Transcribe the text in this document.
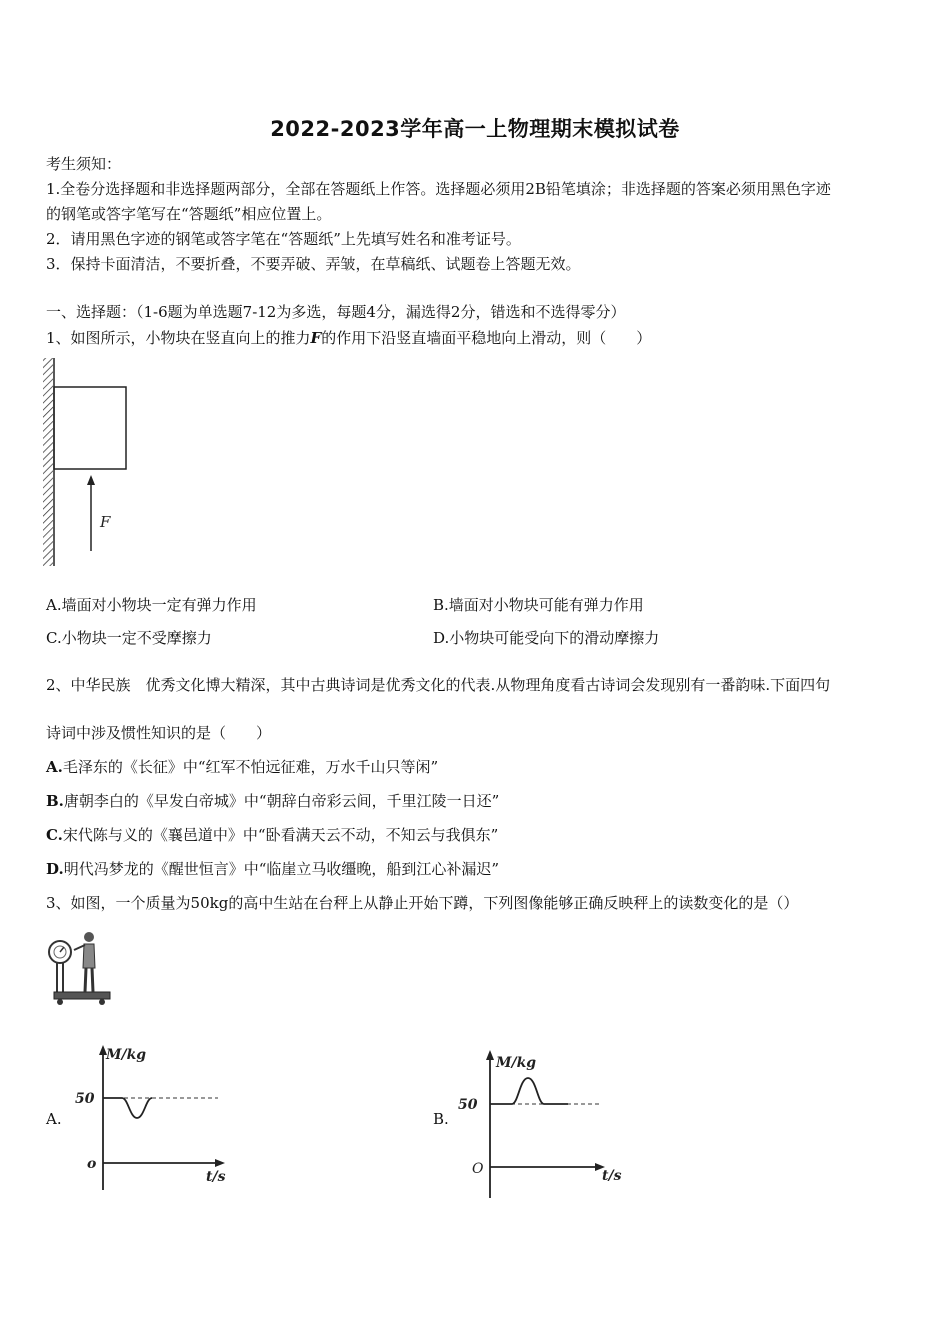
2022-2023学年高一上物理期末模拟试卷
考生须知：
1.全卷分选择题和非选择题两部分，全部在答题纸上作答。选择题必须用2B铅笔填涂；非选择题的答案必须用黑色字迹
的钢笔或答字笔写在“答题纸”相应位置上。
2．请用黑色字迹的钢笔或答字笔在“答题纸”上先填写姓名和准考证号。
3．保持卡面清洁，不要折叠，不要弄破、弄皱，在草稿纸、试题卷上答题无效。
一、选择题：（1-6题为单选题7-12为多选，每题4分，漏选得2分，错选和不选得零分）
1、如图所示，小物块在竖直向上的推力F的作用下沿竖直墙面平稳地向上滑动，则（　　）
F
A.墙面对小物块一定有弹力作用	B.墙面对小物块可能有弹力作用
C.小物块一定不受摩擦力	D.小物块可能受向下的滑动摩擦力
2、中华民族　优秀文化博大精深，其中古典诗词是优秀文化的代表.从物理角度看古诗词会发现别有一番韵味.下面四句
诗词中涉及惯性知识的是（　　）
A.毛泽东的《长征》中“红军不怕远征难，万水千山只等闲”
B.唐朝李白的《早发白帝城》中“朝辞白帝彩云间，千里江陵一日还”
C.宋代陈与义的《襄邑道中》中“卧看满天云不动，不知云与我俱东”
D.明代冯梦龙的《醒世恒言》中“临崖立马收缰晚，船到江心补漏迟”
3、如图，一个质量为50kg的高中生站在台秤上从静止开始下蹲，下列图像能够正确反映秤上的读数变化的是（）
A.
M/kg
50
o
t/s
B.
M/kg
50
O	t/s
